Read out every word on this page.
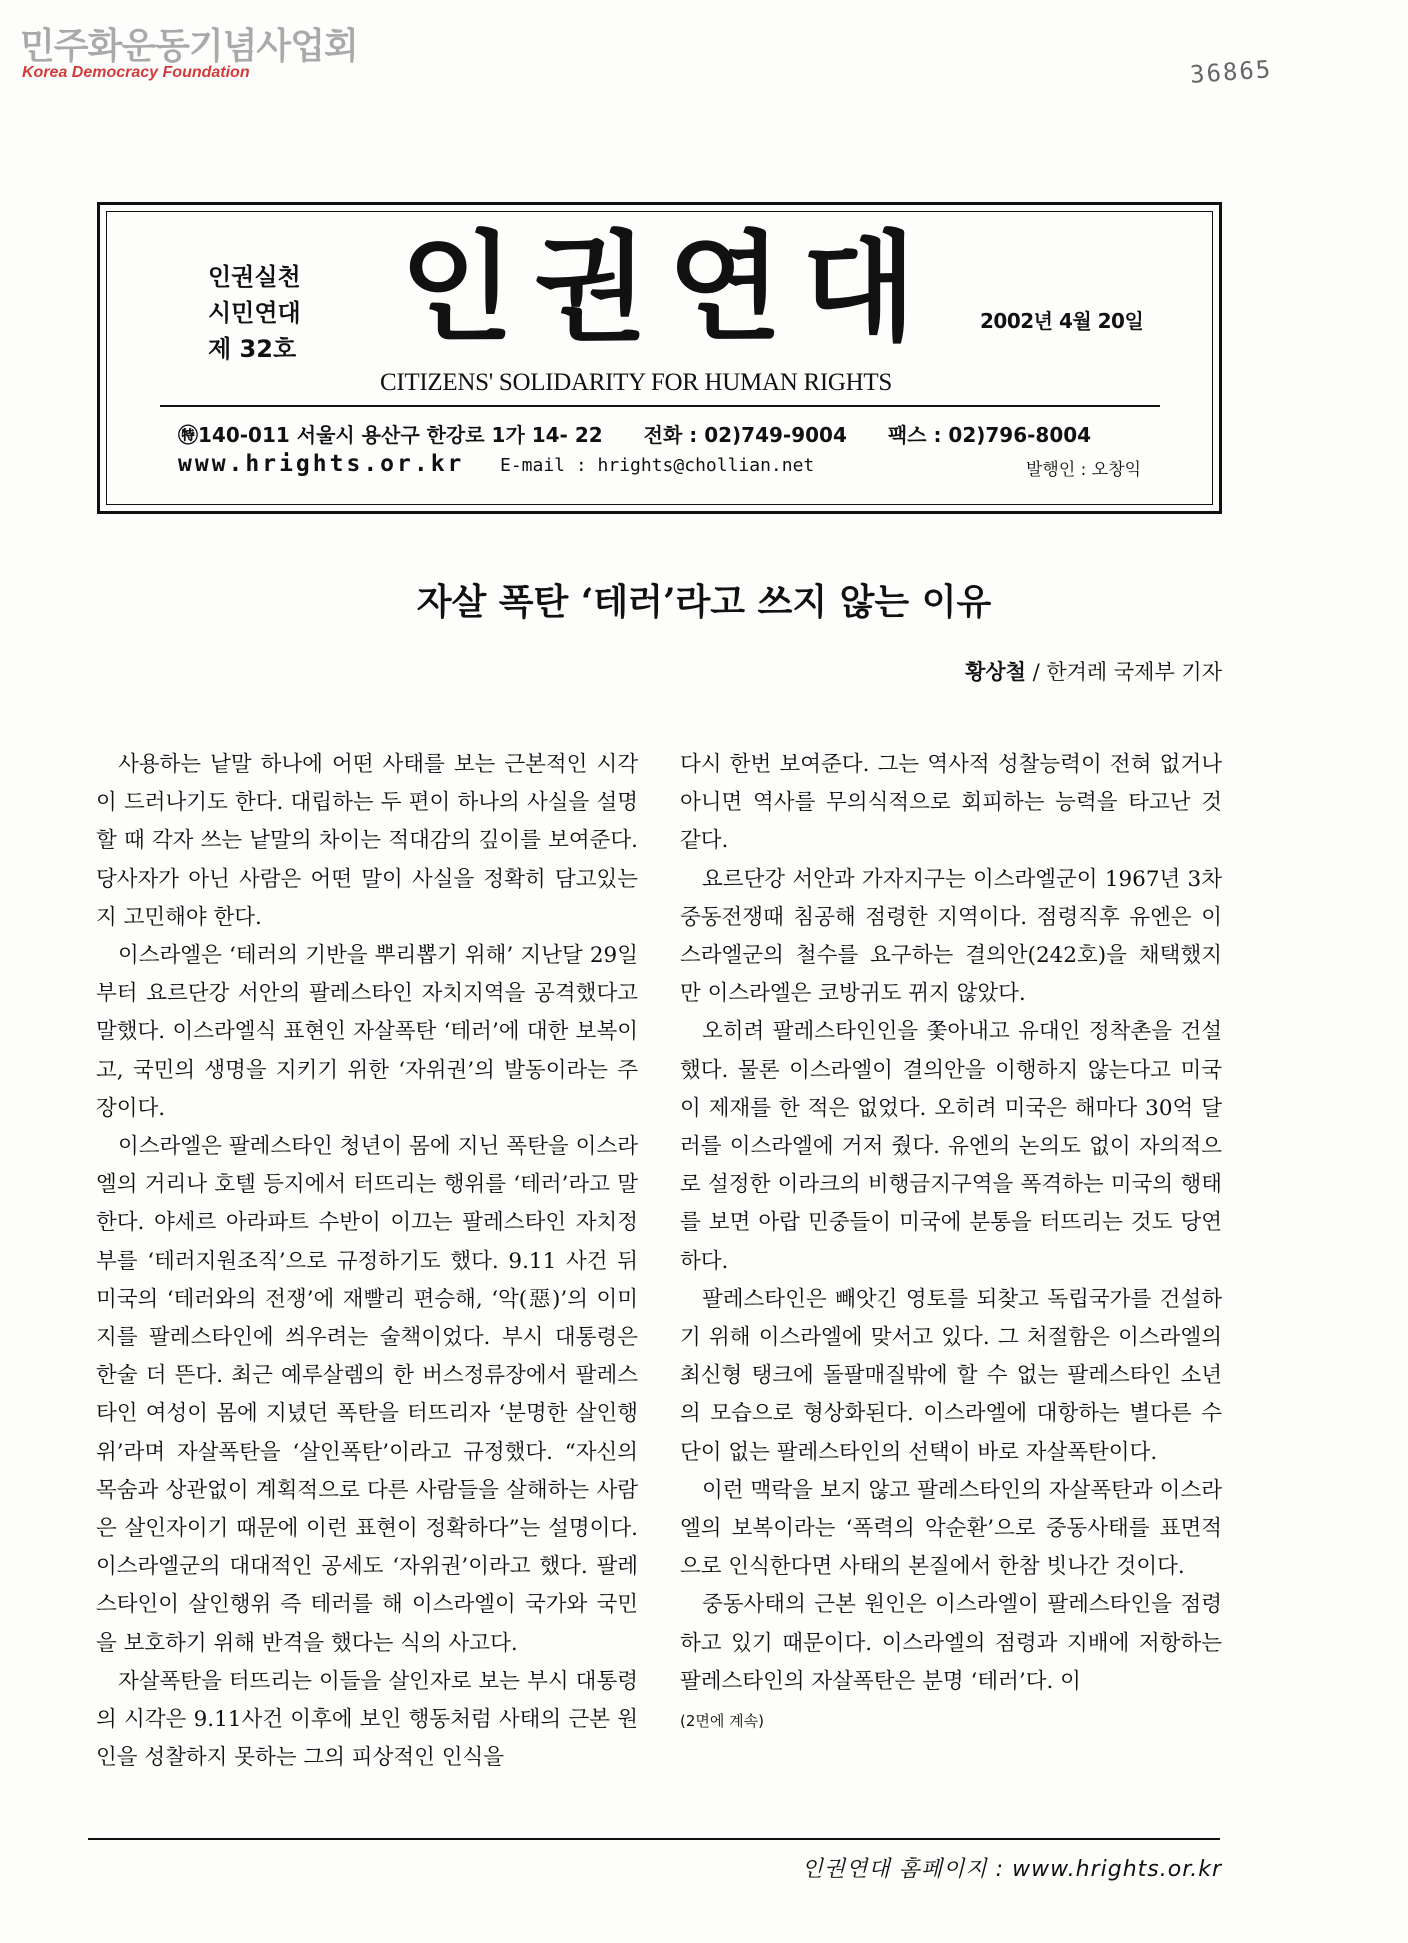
민주화운동기념사업회
Korea Democracy Foundation	36865
인권실천
시민연대
제 32호 인권연대 2002년 4월 20일
CITIZENS' SOLIDARITY FOR HUMAN RIGHTS
㊕140-011 서울시 용산구 한강로 1가 14- 22 전화 : 02)749-9004 팩스 : 02)796-8004
www.hrights.or.kr E-mail : hrights@chollian.net	발행인 : 오창익
자살 폭탄 ‘테러’라고 쓰지 않는 이유
황상철 / 한겨레 국제부 기자

사용하는 낱말 하나에 어떤 사태를 보는 근본적인 시각이 드러나기도 한다. 대립하는 두 편이 하나의 사실을 설명할 때 각자 쓰는 낱말의 차이는 적대감의 깊이를 보여준다. 당사자가 아닌 사람은 어떤 말이 사실을 정확히 담고있는지 고민해야 한다.

이스라엘은 ‘테러의 기반을 뿌리뽑기 위해’ 지난달 29일부터 요르단강 서안의 팔레스타인 자치지역을 공격했다고 말했다. 이스라엘식 표현인 자살폭탄 ‘테러’에 대한 보복이고, 국민의 생명을 지키기 위한 ‘자위권’의 발동이라는 주장이다.

이스라엘은 팔레스타인 청년이 몸에 지닌 폭탄을 이스라엘의 거리나 호텔 등지에서 터뜨리는 행위를 ‘테러’라고 말한다. 야세르 아라파트 수반이 이끄는 팔레스타인 자치정부를 ‘테러지원조직’으로 규정하기도 했다. 9.11 사건 뒤 미국의 ‘테러와의 전쟁’에 재빨리 편승해, ‘악(惡)’의 이미지를 팔레스타인에 씌우려는 술책이었다. 부시 대통령은 한술 더 뜬다. 최근 예루살렘의 한 버스정류장에서 팔레스타인 여성이 몸에 지녔던 폭탄을 터뜨리자 ‘분명한 살인행위’라며 자살폭탄을 ‘살인폭탄’이라고 규정했다. “자신의 목숨과 상관없이 계획적으로 다른 사람들을 살해하는 사람은 살인자이기 때문에 이런 표현이 정확하다”는 설명이다. 이스라엘군의 대대적인 공세도 ‘자위권’이라고 했다. 팔레스타인이 살인행위 즉 테러를 해 이스라엘이 국가와 국민을 보호하기 위해 반격을 했다는 식의 사고다.

자살폭탄을 터뜨리는 이들을 살인자로 보는 부시 대통령의 시각은 9.11사건 이후에 보인 행동처럼 사태의 근본 원인을 성찰하지 못하는 그의 피상적인 인식을

다시 한번 보여준다. 그는 역사적 성찰능력이 전혀 없거나 아니면 역사를 무의식적으로 회피하는 능력을 타고난 것 같다.

요르단강 서안과 가자지구는 이스라엘군이 1967년 3차 중동전쟁때 침공해 점령한 지역이다. 점령직후 유엔은 이스라엘군의 철수를 요구하는 결의안(242호)을 채택했지만 이스라엘은 코방귀도 뀌지 않았다.

오히려 팔레스타인인을 쫓아내고 유대인 정착촌을 건설했다. 물론 이스라엘이 결의안을 이행하지 않는다고 미국이 제재를 한 적은 없었다. 오히려 미국은 해마다 30억 달러를 이스라엘에 거저 줬다. 유엔의 논의도 없이 자의적으로 설정한 이라크의 비행금지구역을 폭격하는 미국의 행태를 보면 아랍 민중들이 미국에 분통을 터뜨리는 것도 당연하다.

팔레스타인은 빼앗긴 영토를 되찾고 독립국가를 건설하기 위해 이스라엘에 맞서고 있다. 그 처절함은 이스라엘의 최신형 탱크에 돌팔매질밖에 할 수 없는 팔레스타인 소년의 모습으로 형상화된다. 이스라엘에 대항하는 별다른 수단이 없는 팔레스타인의 선택이 바로 자살폭탄이다.

이런 맥락을 보지 않고 팔레스타인의 자살폭탄과 이스라엘의 보복이라는 ‘폭력의 악순환’으로 중동사태를 표면적으로 인식한다면 사태의 본질에서 한참 빗나간 것이다.

중동사태의 근본 원인은 이스라엘이 팔레스타인을 점령하고 있기 때문이다. 이스라엘의 점령과 지배에 저항하는 팔레스타인의 자살폭탄은 분명 ‘테러’다. 이

(2면에 계속)

인권연대 홈페이지 : www.hrights.or.kr
